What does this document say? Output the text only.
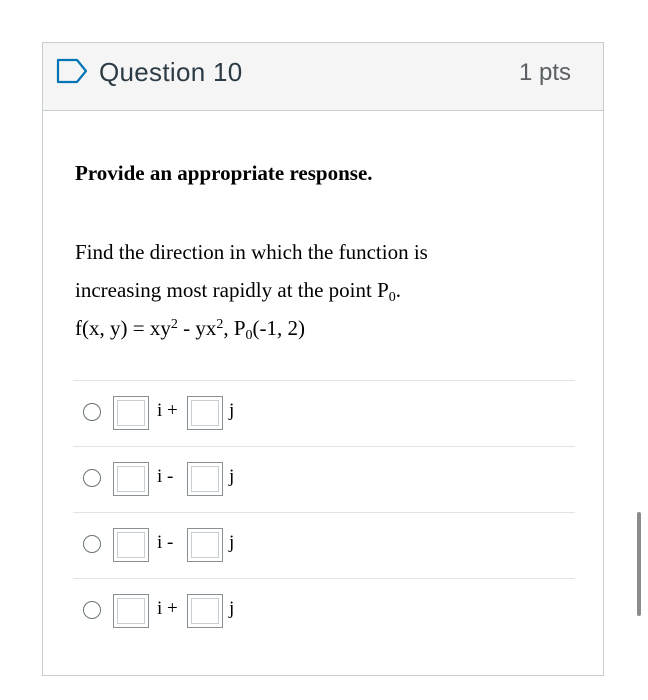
Question 10	1 pts

Provide an appropriate response.

Find the direction in which the function is
increasing most rapidly at the point $P_0$.
f(x, $y) = xy^2 - yx^2$, $P_0(-1$, 2)
i +	j
i -	j
i -	j
i +	j
